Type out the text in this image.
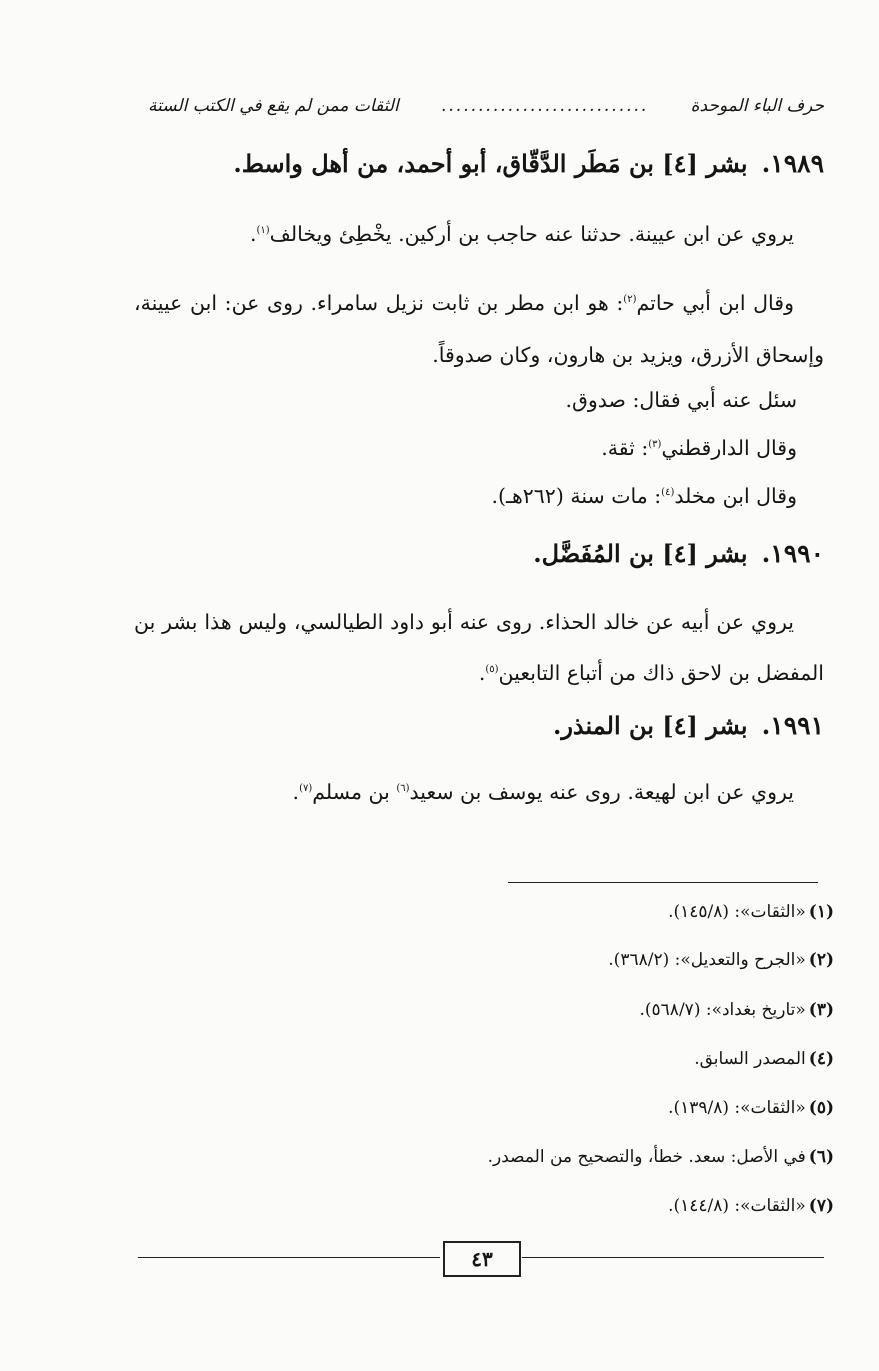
حرف الباء الموحدة
............................
الثقات ممن لم يقع في الكتب الستة
١٩٨٩.بشر [٤] بن مَطَر الدَّقّاق، أبو أحمد، من أهل واسط.
يروي عن ابن عيينة. حدثنا عنه حاجب بن أركين. يخْطِئ ويخالف$^{(١)}$.
وقال ابن أبي حاتم$^{(٢)}$: هو ابن مطر بن ثابت نزيل سامراء. روى عن: ابن عيينة، وإسحاق الأزرق، ويزيد بن هارون، وكان صدوقاً.
سئل عنه أبي فقال: صدوق.
وقال الدارقطني$^{(٣)}$: ثقة.
وقال ابن مخلد$^{(٤)}$: مات سنة (٢٦٢هـ).
١٩٩٠.بشر [٤] بن المُفَضَّل.
يروي عن أبيه عن خالد الحذاء. روى عنه أبو داود الطيالسي، وليس هذا بشر بن المفضل بن لاحق ذاك من أتباع التابعين$^{(٥)}$.
١٩٩١.بشر [٤] بن المنذر.
يروي عن ابن لهيعة. روى عنه يوسف بن سعيد$^{(٦)}$ بن مسلم$^{(٧)}$.
(١)«الثقات»: (١٤٥/٨).
(٢)«الجرح والتعديل»: (٣٦٨/٢).
(٣)«تاريخ بغداد»: (٥٦٨/٧).
(٤)المصدر السابق.
(٥)«الثقات»: (١٣٩/٨).
(٦)في الأصل: سعد. خطأ، والتصحيح من المصدر.
(٧)«الثقات»: (١٤٤/٨).
٤٣
